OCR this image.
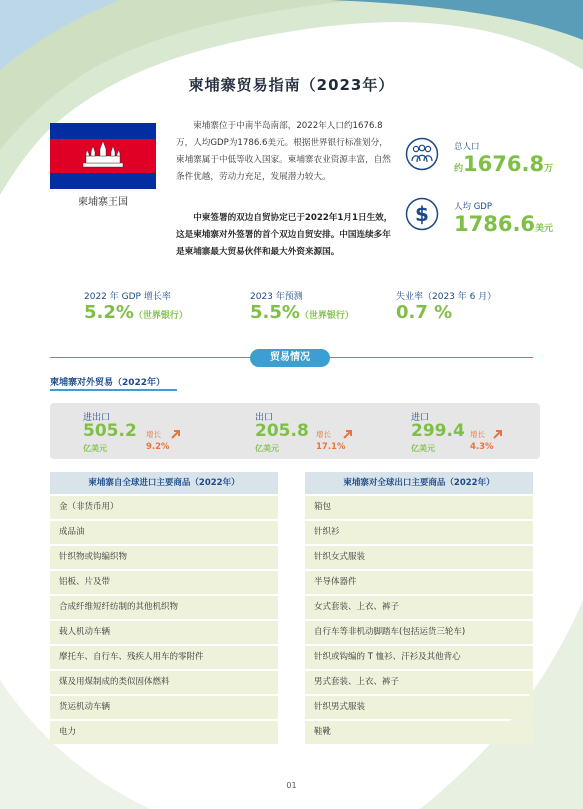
柬埔寨贸易指南（2023年）
柬埔寨王国

柬埔寨位于中南半岛南部，2022年人口约1676.8万，人均GDP为1786.6美元。根据世界银行标准划分，柬埔寨属于中低等收入国家。柬埔寨农业资源丰富，自然条件优越，劳动力充足，发展潜力较大。

中柬签署的双边自贸协定已于2022年1月1日生效，这是柬埔寨对外签署的首个双边自贸安排。中国连续多年是柬埔寨最大贸易伙伴和最大外资来源国。

总人口
约1676.8万
$	人均 GDP
1786.6美元
2022 年 GDP 增长率
5.2%（世界银行）
2023 年预测
5.5%（世界银行）
失业率（2023 年 6 月）
0.7 %
贸易情况
柬埔寨对外贸易（2022年）
进出口
505.2
亿美元
增长
9.2%
出口
205.8
亿美元
增长
17.1%
进口
299.4
亿美元
增长
4.3%
柬埔寨自全球进口主要商品（2022年）
金（非货币用）
成品油
针织物或钩编织物
铝板、片及带
合成纤维短纤纺制的其他机织物
载人机动车辆
摩托车、自行车、残疾人用车的零附件
煤及用煤制成的类似固体燃料
货运机动车辆
电力
柬埔寨对全球出口主要商品（2022年）
箱包
针织衫
针织女式服装
半导体器件
女式套装、上衣、裤子
自行车等非机动脚踏车(包括运货三轮车)
针织或钩编的 T 恤衫、汗衫及其他背心
男式套装、上衣、裤子
针织男式服装
鞋靴
01
